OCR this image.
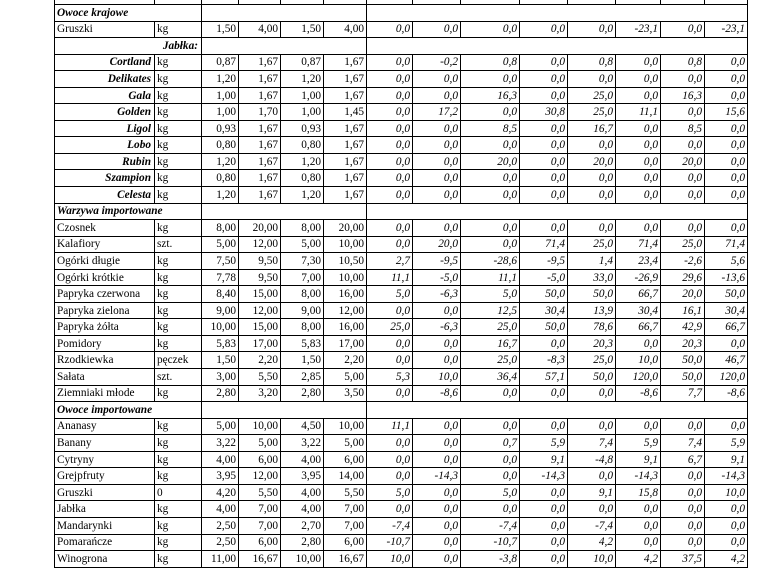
Owoce krajowe													
Gruszki	kg	1,50	4,00	1,50	4,00	0,0	0,0	0,0	0,0	0,0	-23,1	0,0	-23,1
Jabłka:													
Cortland	kg	0,87	1,67	0,87	1,67	0,0	-0,2	0,8	0,0	0,8	0,0	0,8	0,0
Delikates	kg	1,20	1,67	1,20	1,67	0,0	0,0	0,0	0,0	0,0	0,0	0,0	0,0
Gala	kg	1,00	1,67	1,00	1,67	0,0	0,0	16,3	0,0	25,0	0,0	16,3	0,0
Golden	kg	1,00	1,70	1,00	1,45	0,0	17,2	0,0	30,8	25,0	11,1	0,0	15,6
Ligol	kg	0,93	1,67	0,93	1,67	0,0	0,0	8,5	0,0	16,7	0,0	8,5	0,0
Lobo	kg	0,80	1,67	0,80	1,67	0,0	0,0	0,0	0,0	0,0	0,0	0,0	0,0
Rubin	kg	1,20	1,67	1,20	1,67	0,0	0,0	20,0	0,0	20,0	0,0	20,0	0,0
Szampion	kg	0,80	1,67	0,80	1,67	0,0	0,0	0,0	0,0	0,0	0,0	0,0	0,0
Celesta	kg	1,20	1,67	1,20	1,67	0,0	0,0	0,0	0,0	0,0	0,0	0,0	0,0
Warzywa importowane													
Czosnek	kg	8,00	20,00	8,00	20,00	0,0	0,0	0,0	0,0	0,0	0,0	0,0	0,0
Kalafiory	szt.	5,00	12,00	5,00	10,00	0,0	20,0	0,0	71,4	25,0	71,4	25,0	71,4
Ogórki długie	kg	7,50	9,50	7,30	10,50	2,7	-9,5	-28,6	-9,5	1,4	23,4	-2,6	5,6
Ogórki krótkie	kg	7,78	9,50	7,00	10,00	11,1	-5,0	11,1	-5,0	33,0	-26,9	29,6	-13,6
Papryka czerwona	kg	8,40	15,00	8,00	16,00	5,0	-6,3	5,0	50,0	50,0	66,7	20,0	50,0
Papryka zielona	kg	9,00	12,00	9,00	12,00	0,0	0,0	12,5	30,4	13,9	30,4	16,1	30,4
Papryka żółta	kg	10,00	15,00	8,00	16,00	25,0	-6,3	25,0	50,0	78,6	66,7	42,9	66,7
Pomidory	kg	5,83	17,00	5,83	17,00	0,0	0,0	16,7	0,0	20,3	0,0	20,3	0,0
Rzodkiewka	pęczek	1,50	2,20	1,50	2,20	0,0	0,0	25,0	-8,3	25,0	10,0	50,0	46,7
Sałata	szt.	3,00	5,50	2,85	5,00	5,3	10,0	36,4	57,1	50,0	120,0	50,0	120,0
Ziemniaki młode	kg	2,80	3,20	2,80	3,50	0,0	-8,6	0,0	0,0	0,0	-8,6	7,7	-8,6
Owoce importowane													
Ananasy	kg	5,00	10,00	4,50	10,00	11,1	0,0	0,0	0,0	0,0	0,0	0,0	0,0
Banany	kg	3,22	5,00	3,22	5,00	0,0	0,0	0,7	5,9	7,4	5,9	7,4	5,9
Cytryny	kg	4,00	6,00	4,00	6,00	0,0	0,0	0,0	9,1	-4,8	9,1	6,7	9,1
Grejpfruty	kg	3,95	12,00	3,95	14,00	0,0	-14,3	0,0	-14,3	0,0	-14,3	0,0	-14,3
Gruszki	0	4,20	5,50	4,00	5,50	5,0	0,0	5,0	0,0	9,1	15,8	0,0	10,0
Jabłka	kg	4,00	7,00	4,00	7,00	0,0	0,0	0,0	0,0	0,0	0,0	0,0	0,0
Mandarynki	kg	2,50	7,00	2,70	7,00	-7,4	0,0	-7,4	0,0	-7,4	0,0	0,0	0,0
Pomarańcze	kg	2,50	6,00	2,80	6,00	-10,7	0,0	-10,7	0,0	4,2	0,0	0,0	0,0
Winogrona	kg	11,00	16,67	10,00	16,67	10,0	0,0	-3,8	0,0	10,0	4,2	37,5	4,2
